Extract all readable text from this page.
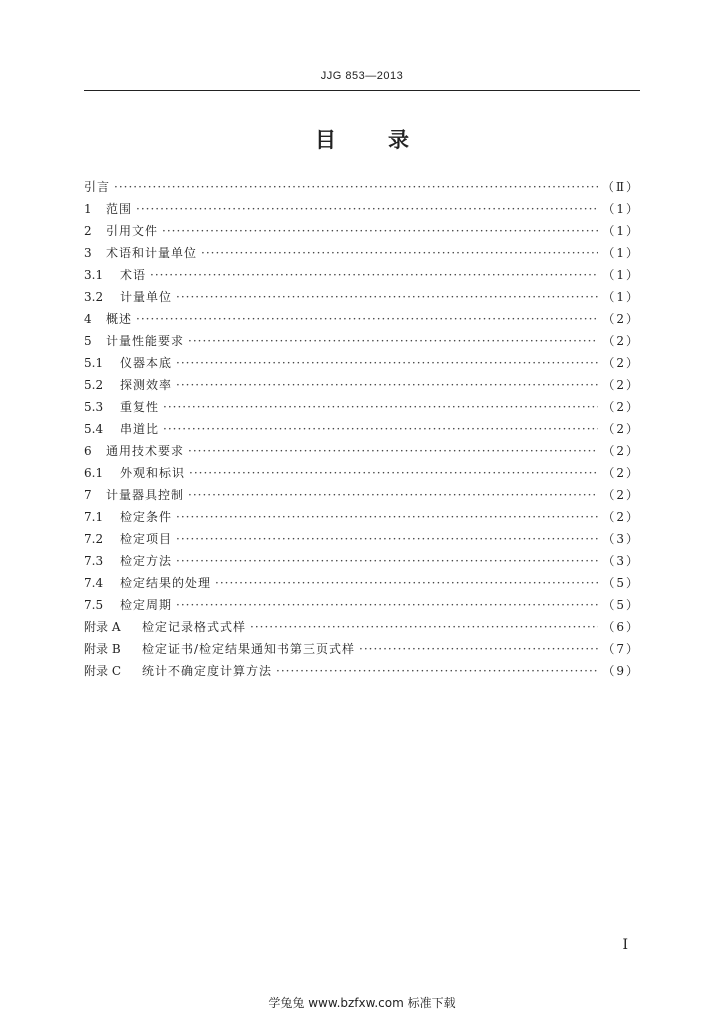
JJG 853—2013
目录
引言 ·····	（Ⅱ）
1	范围 ·····	（1）
2	引用文件 ·····	（1）
3	术语和计量单位 ·····	（1）
3.1	术语 ·····	（1）
3.2	计量单位 ·····	（1）
4	概述 ·····	（2）
5	计量性能要求 ·····	（2）
5.1	仪器本底 ·····	（2）
5.2	探测效率 ·····	（2）
5.3	重复性 ·····	（2）
5.4	串道比 ·····	（2）
6	通用技术要求 ·····	（2）
6.1	外观和标识 ·····	（2）
7	计量器具控制 ·····	（2）
7.1	检定条件 ·····	（2）
7.2	检定项目 ·····	（3）
7.3	检定方法 ·····	（3）
7.4	检定结果的处理 ·····	（5）
7.5	检定周期 ·····	（5）
附录 A	检定记录格式式样 ·····	（6）
附录 B	检定证书/检定结果通知书第三页式样 ·····	（7）
附录 C	统计不确定度计算方法 ·····	（9）
I
学兔兔 www.bzfxw.com 标准下载
